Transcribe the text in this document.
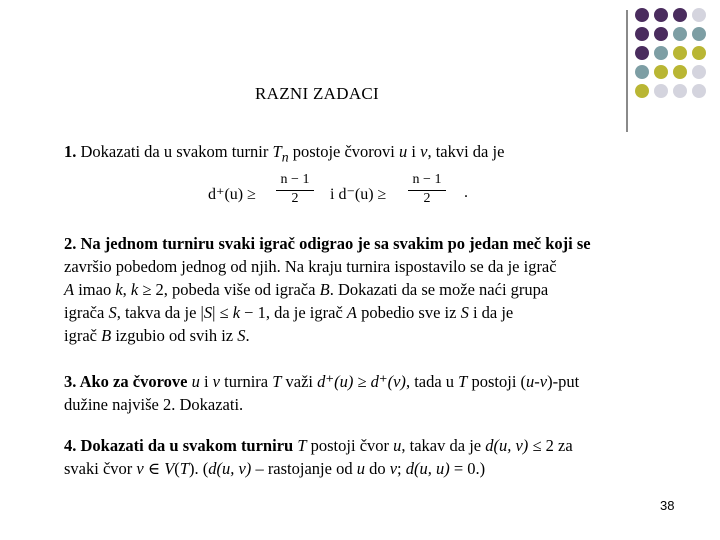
RAZNI ZADACI
1. Dokazati da u svakom turnir $T_n$ postoje čvorovi u i v, takvi da je
d⁺(u) ≥
n − 1
2	i d⁻(u) ≥
n − 1
2	.
2. Na jednom turniru svaki igrač odigrao je sa svakim po jedan meč koji se
završio pobedom jednog od njih. Na kraju turnira ispostavilo se da je igrač
A imao k, k ≥ 2, pobeda više od igrača B. Dokazati da se može naći grupa
igrača S, takva da je |S| ≤ k − 1, da je igrač A pobedio sve iz S i da je
igrač B izgubio od svih iz S.
3. Ako za čvorove u i v turnira T važi d⁺(u) ≥ d⁺(v), tada u T postoji (u-v)-put
dužine najviše 2. Dokazati.
4. Dokazati da u svakom turniru T postoji čvor u, takav da je d(u, v) ≤ 2 za
svaki čvor v ∈ V(T). (d(u, v) – rastojanje od u do v; d(u, u) = 0.)
38
